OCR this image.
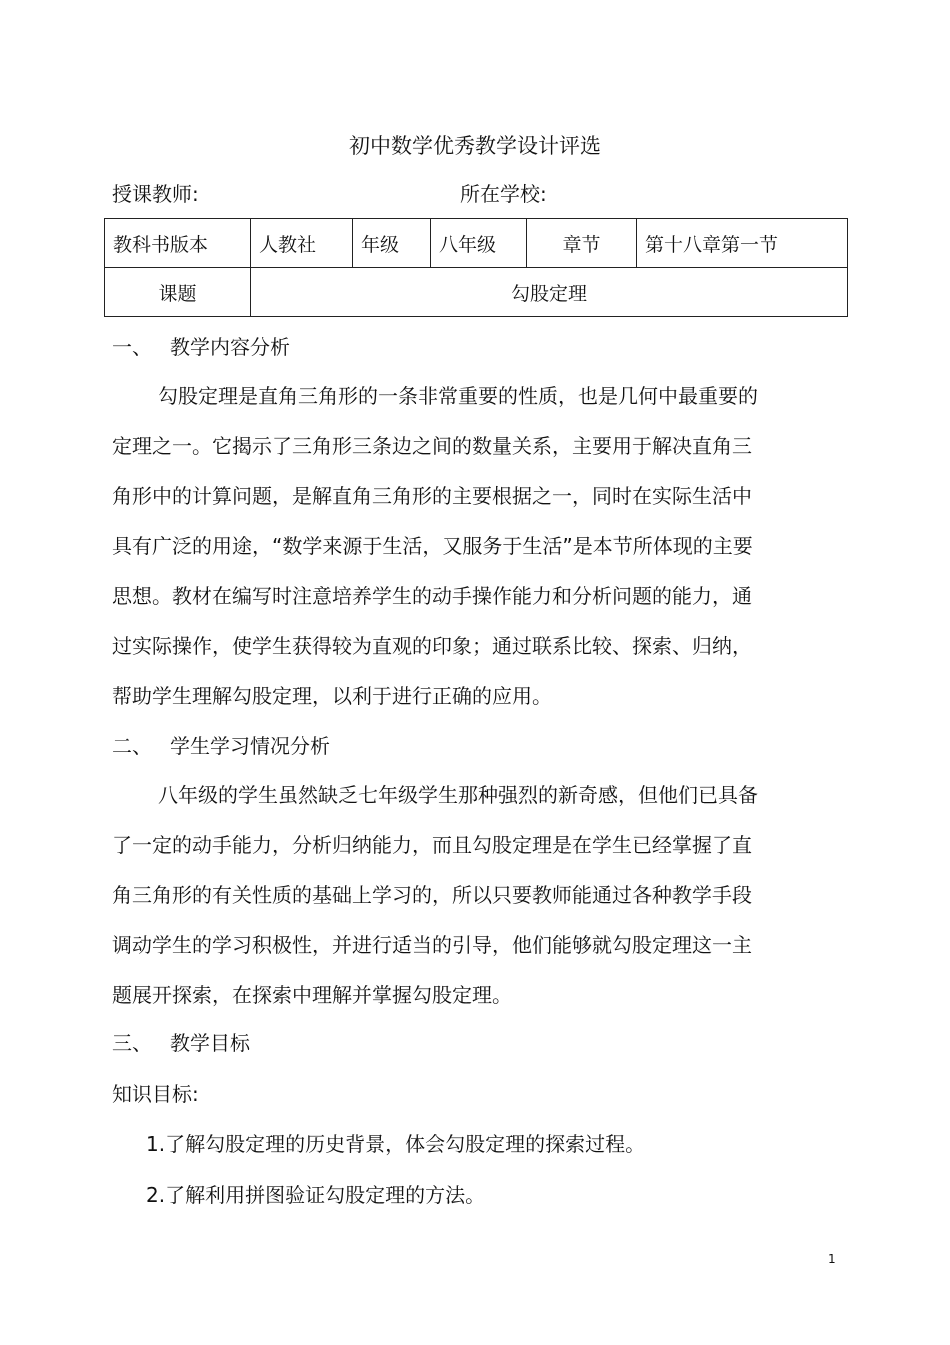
初中数学优秀教学设计评选
授课教师:	所在学校:
教科书版本	人教社	年级	八年级	章节	第十八章第一节
课题	勾股定理				
一、 教学内容分析
勾股定理是直角三角形的一条非常重要的性质，也是几何中最重要的
定理之一。它揭示了三角形三条边之间的数量关系，主要用于解决直角三
角形中的计算问题，是解直角三角形的主要根据之一，同时在实际生活中
具有广泛的用途，“数学来源于生活，又服务于生活”是本节所体现的主要
思想。教材在编写时注意培养学生的动手操作能力和分析问题的能力，通
过实际操作，使学生获得较为直观的印象；通过联系比较、探索、归纳，
帮助学生理解勾股定理，以利于进行正确的应用。
二、 学生学习情况分析
八年级的学生虽然缺乏七年级学生那种强烈的新奇感，但他们已具备
了一定的动手能力，分析归纳能力，而且勾股定理是在学生已经掌握了直
角三角形的有关性质的基础上学习的，所以只要教师能通过各种教学手段
调动学生的学习积极性，并进行适当的引导，他们能够就勾股定理这一主
题展开探索，在探索中理解并掌握勾股定理。
三、 教学目标
知识目标:
1.了解勾股定理的历史背景，体会勾股定理的探索过程。
2.了解利用拼图验证勾股定理的方法。
1
